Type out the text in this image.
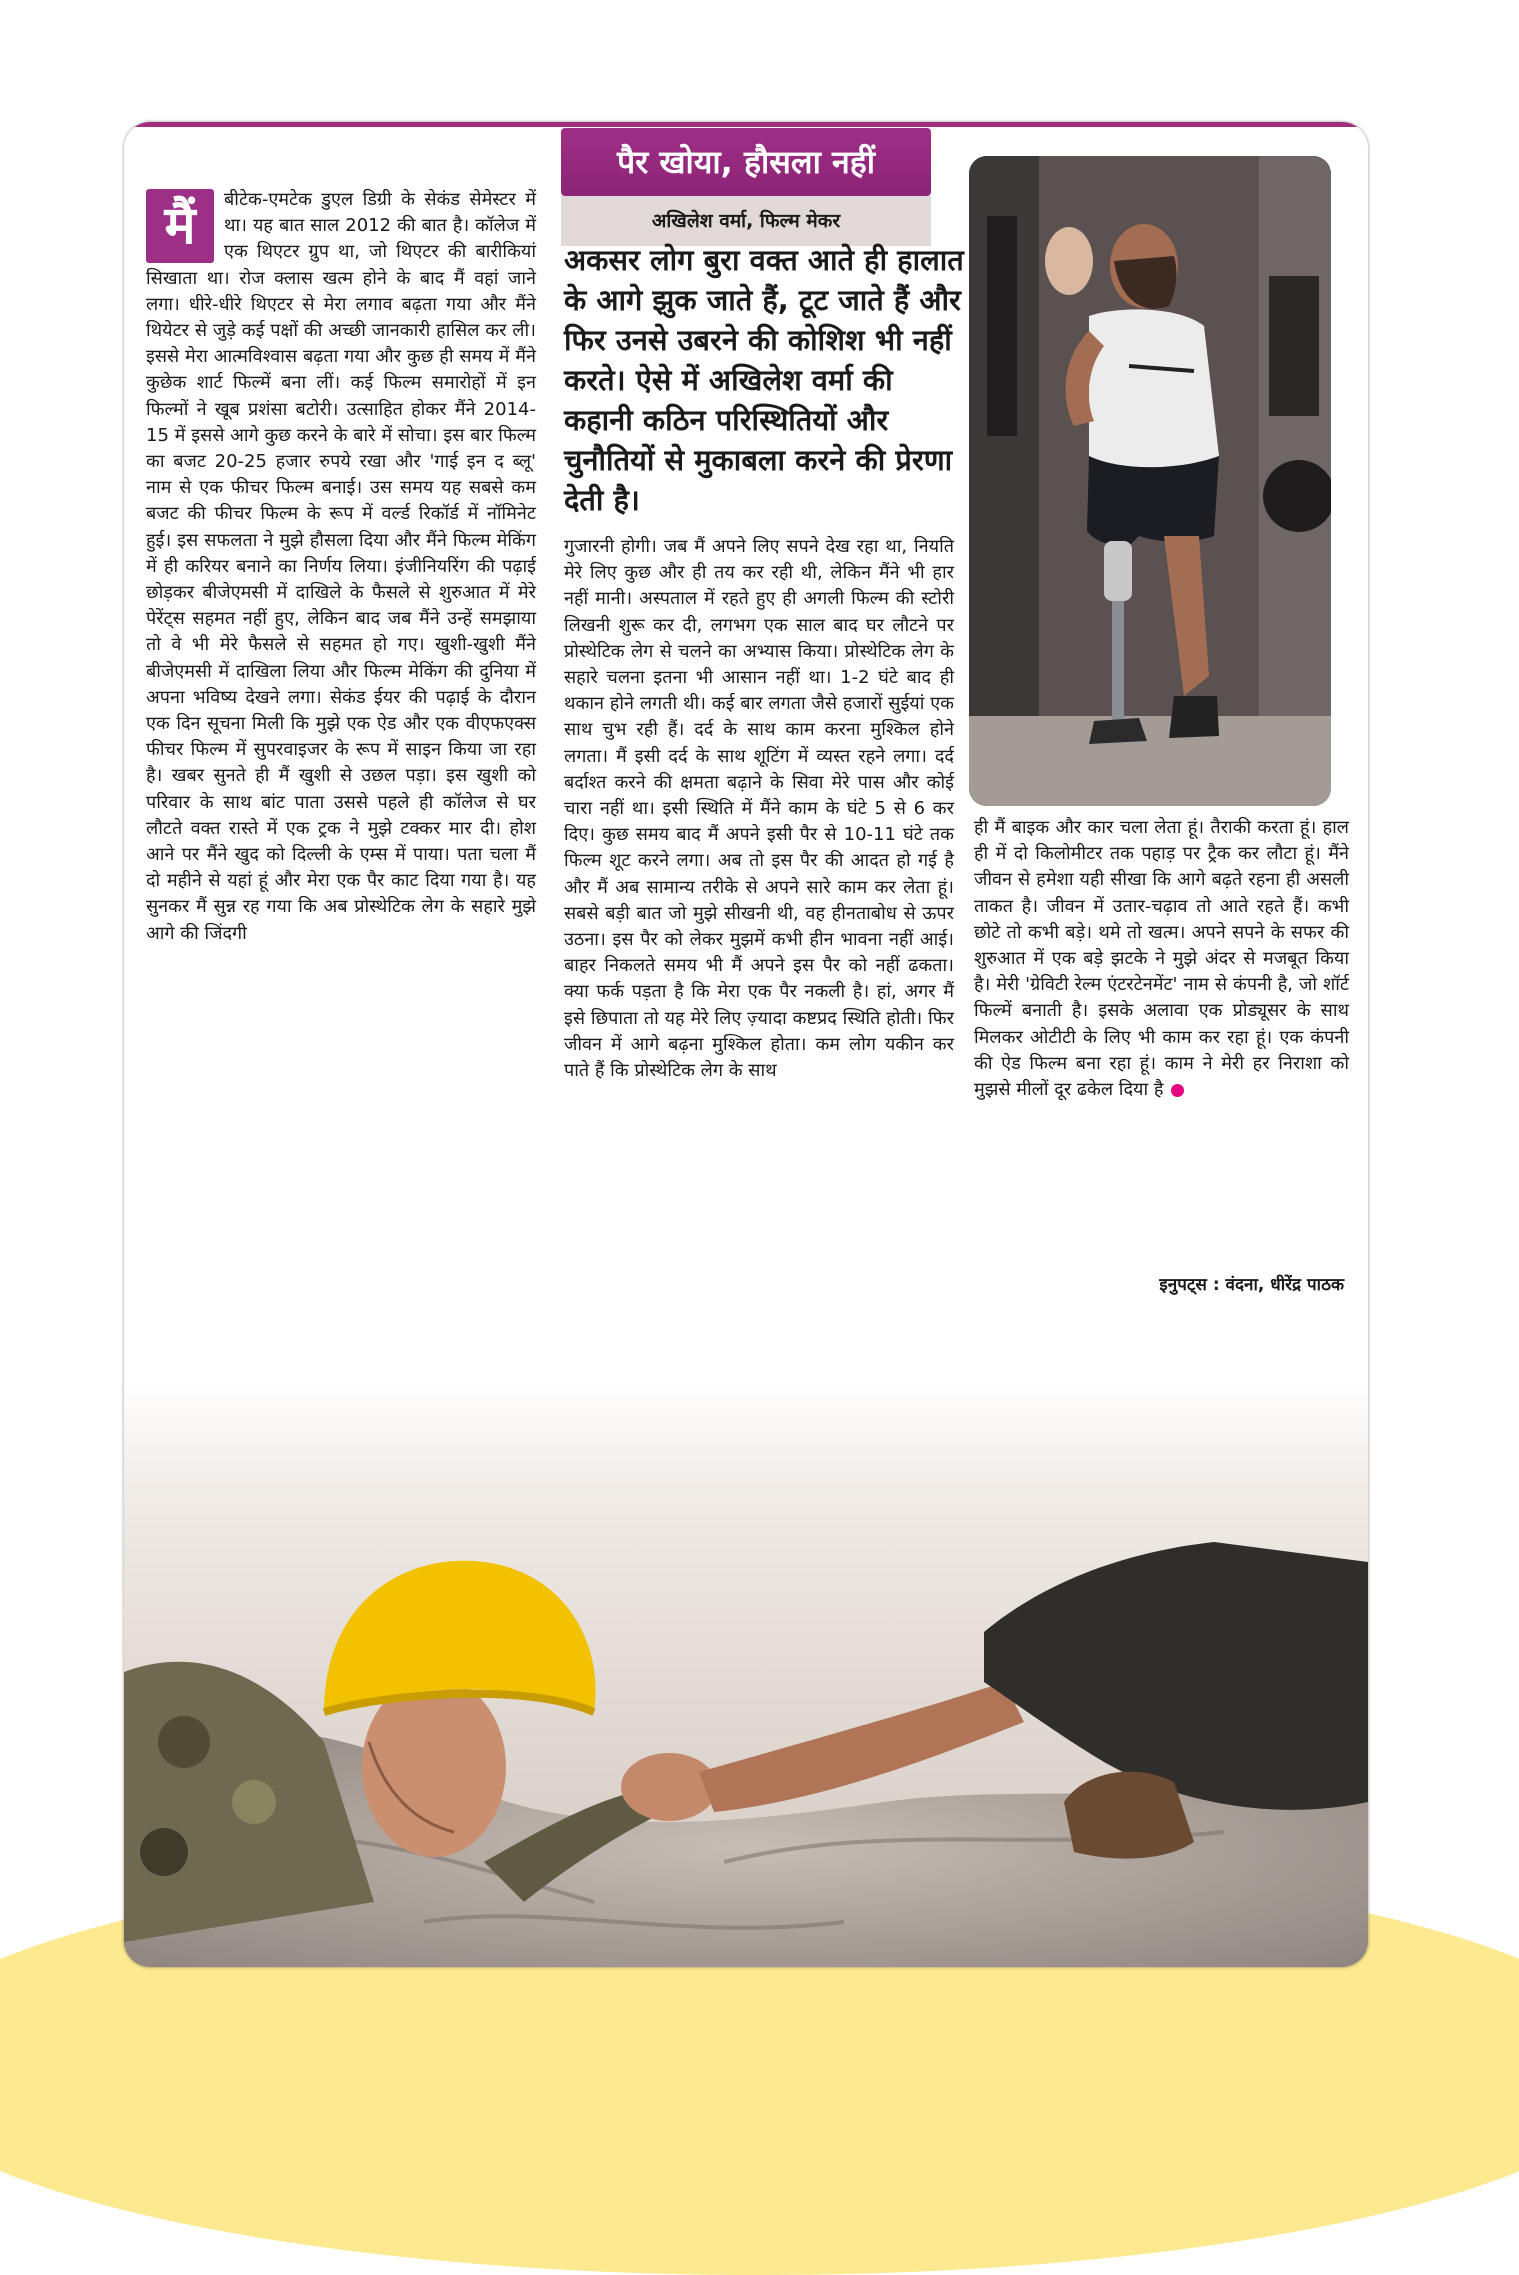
पैर खोया, हौसला नहीं
अखिलेश वर्मा, फिल्म मेकर

मैं	बीटेक-एमटेक डुएल डिग्री के सेकंड सेमेस्टर में था। यह बात साल 2012 की बात है। कॉलेज में एक थिएटर ग्रुप था, जो थिएटर की बारीकियां सिखाता था। रोज क्लास खत्म होने के बाद मैं वहां जाने लगा। धीरे-धीरे थिएटर से मेरा लगाव बढ़ता गया और मैंने थियेटर से जुड़े कई पक्षों की अच्छी जानकारी हासिल कर ली। इससे मेरा आत्मविश्वास बढ़ता गया और कुछ ही समय में मैंने कुछेक शार्ट फिल्में बना लीं। कई फिल्म समारोहों में इन फिल्मों ने खूब प्रशंसा बटोरी। उत्साहित होकर मैंने 2014-15 में इससे आगे कुछ करने के बारे में सोचा। इस बार फिल्म का बजट 20-25 हजार रुपये रखा और 'गाई इन द ब्लू' नाम से एक फीचर फिल्म बनाई। उस समय यह सबसे कम बजट की फीचर फिल्म के रूप में वर्ल्ड रिकॉर्ड में नॉमिनेट हुई। इस सफलता ने मुझे हौसला दिया और मैंने फिल्म मेकिंग में ही करियर बनाने का निर्णय लिया। इंजीनियरिंग की पढ़ाई छोड़कर बीजेएमसी में दाखिले के फैसले से शुरुआत में मेरे पेरेंट्स सहमत नहीं हुए, लेकिन बाद जब मैंने उन्हें समझाया तो वे भी मेरे फैसले से सहमत हो गए। खुशी-खुशी मैंने बीजेएमसी में दाखिला लिया और फिल्म मेकिंग की दुनिया में अपना भविष्य देखने लगा। सेकंड ईयर की पढ़ाई के दौरान एक दिन सूचना मिली कि मुझे एक ऐड और एक वीएफएक्स फीचर फिल्म में सुपरवाइजर के रूप में साइन किया जा रहा है। खबर सुनते ही मैं खुशी से उछल पड़ा। इस खुशी को परिवार के साथ बांट पाता उससे पहले ही कॉलेज से घर लौटते वक्त रास्ते में एक ट्रक ने मुझे टक्कर मार दी। होश आने पर मैंने खुद को दिल्ली के एम्स में पाया। पता चला मैं दो महीने से यहां हूं और मेरा एक पैर काट दिया गया है। यह सुनकर मैं सुन्न रह गया कि अब प्रोस्थेटिक लेग के सहारे मुझे आगे की जिंदगी

अकसर लोग बुरा वक्त आते ही हालात के आगे झुक जाते हैं, टूट जाते हैं और फिर उनसे उबरने की कोशिश भी नहीं करते। ऐसे में अखिलेश वर्मा की कहानी कठिन परिस्थितियों और चुनौतियों से मुकाबला करने की प्रेरणा देती है।

गुजारनी होगी। जब मैं अपने लिए सपने देख रहा था, नियति मेरे लिए कुछ और ही तय कर रही थी, लेकिन मैंने भी हार नहीं मानी। अस्पताल में रहते हुए ही अगली फिल्म की स्टोरी लिखनी शुरू कर दी, लगभग एक साल बाद घर लौटने पर प्रोस्थेटिक लेग से चलने का अभ्यास किया। प्रोस्थेटिक लेग के सहारे चलना इतना भी आसान नहीं था। 1-2 घंटे बाद ही थकान होने लगती थी। कई बार लगता जैसे हजारों सुईयां एक साथ चुभ रही हैं। दर्द के साथ काम करना मुश्किल होने लगता। मैं इसी दर्द के साथ शूटिंग में व्यस्त रहने लगा। दर्द बर्दाश्त करने की क्षमता बढ़ाने के सिवा मेरे पास और कोई चारा नहीं था। इसी स्थिति में मैंने काम के घंटे 5 से 6 कर दिए। कुछ समय बाद मैं अपने इसी पैर से 10-11 घंटे तक फिल्म शूट करने लगा। अब तो इस पैर की आदत हो गई है और मैं अब सामान्य तरीके से अपने सारे काम कर लेता हूं। सबसे बड़ी बात जो मुझे सीखनी थी, वह हीनताबोध से ऊपर उठना। इस पैर को लेकर मुझमें कभी हीन भावना नहीं आई। बाहर निकलते समय भी मैं अपने इस पैर को नहीं ढकता। क्या फर्क पड़ता है कि मेरा एक पैर नकली है। हां, अगर मैं इसे छिपाता तो यह मेरे लिए ज़्यादा कष्टप्रद स्थिति होती। फिर जीवन में आगे बढ़ना मुश्किल होता। कम लोग यकीन कर पाते हैं कि प्रोस्थेटिक लेग के साथ

ही मैं बाइक और कार चला लेता हूं। तैराकी करता हूं। हाल ही में दो किलोमीटर तक पहाड़ पर ट्रैक कर लौटा हूं। मैंने जीवन से हमेशा यही सीखा कि आगे बढ़ते रहना ही असली ताकत है। जीवन में उतार-चढ़ाव तो आते रहते हैं। कभी छोटे तो कभी बड़े। थमे तो खत्म। अपने सपने के सफर की शुरुआत में एक बड़े झटके ने मुझे अंदर से मजबूत किया है। मेरी 'ग्रेविटी रेल्म एंटरटेनमेंट' नाम से कंपनी है, जो शॉर्ट फिल्में बनाती है। इसके अलावा एक प्रोड्यूसर के साथ मिलकर ओटीटी के लिए भी काम कर रहा हूं। एक कंपनी की ऐड फिल्म बना रहा हूं। काम ने मेरी हर निराशा को मुझसे मीलों दूर ढकेल दिया है

इनुपट्स : वंदना, धीरेंद्र पाठक
